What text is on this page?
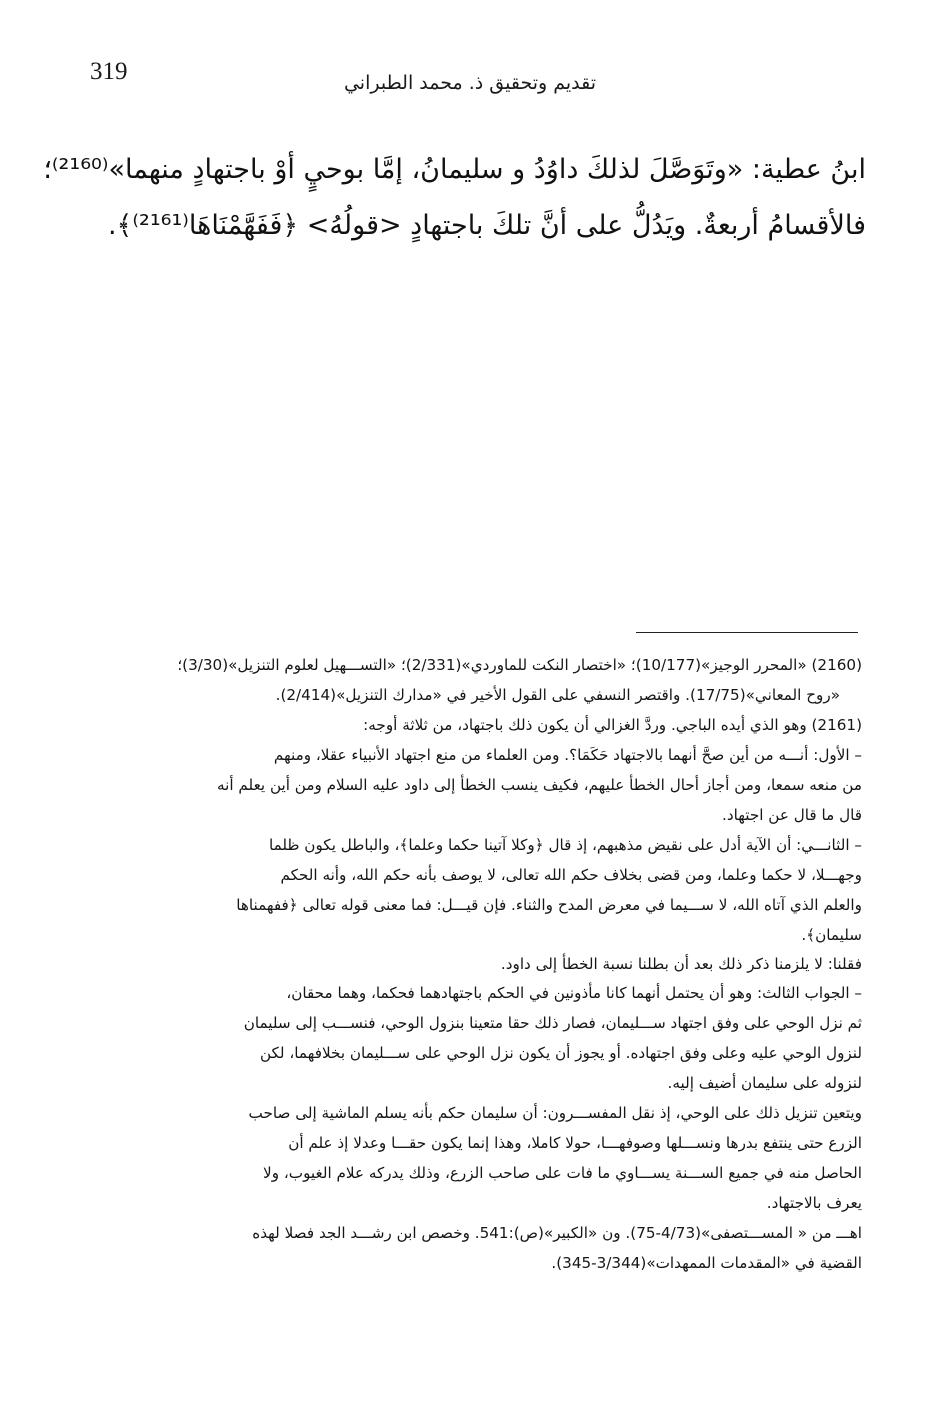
319	تقديم وتحقيق ذ. محمد الطبراني
ابنُ عطية: «وتَوَصَّلَ لذلكَ داوُدُ و سليمانُ، إمَّا بوحيٍ أوْ باجتهادٍ منهما»⁽²¹⁶⁰⁾؛
فالأقسامُ أربعةٌ. ويَدُلُّ على أنَّ تلكَ باجتهادٍ <قولُهُ> ﴿فَفَهَّمْنَاهَا⁽²¹⁶¹⁾﴾.
(2160) «المحرر الوجيز»(10/177)؛ «اختصار النكت للماوردي»(2/331)؛ «التســـهيل لعلوم التنزيل»(3/30)؛
«روح المعاني»(17/75). واقتصر النسفي على القول الأخير في «مدارك التنزيل»(2/414).
(2161) وهو الذي أيده الباجي. وردَّ الغزالي أن يكون ذلك باجتهاد، من ثلاثة أوجه:
– الأول: أنـــه من أين صحَّ أنهما بالاجتهاد حَكَمَا؟. ومن العلماء من منع اجتهاد الأنبياء عقلا، ومنهم
من منعه سمعا، ومن أجاز أحال الخطأ عليهم، فكيف ينسب الخطأ إلى داود عليه السلام ومن أين يعلم أنه
قال ما قال عن اجتهاد.
– الثانـــي: أن الآية أدل على نقيض مذهبهم، إذ قال ﴿وكلا آتينا حكما وعلما﴾، والباطل يكون ظلما
وجهـــلا، لا حكما وعلما، ومن قضى بخلاف حكم الله تعالى، لا يوصف بأنه حكم الله، وأنه الحكم
والعلم الذي آتاه الله، لا ســـيما في معرض المدح والثناء. فإن قيـــل: فما معنى قوله تعالى ﴿ففهمناها
سليمان﴾.
فقلنا: لا يلزمنا ذكر ذلك بعد أن بطلنا نسبة الخطأ إلى داود.
– الجواب الثالث: وهو أن يحتمل أنهما كانا مأذونين في الحكم باجتهادهما فحكما، وهما محقان،
ثم نزل الوحي على وفق اجتهاد ســـليمان، فصار ذلك حقا متعينا بنزول الوحي، فنســـب إلى سليمان
لنزول الوحي عليه وعلى وفق اجتهاده. أو يجوز أن يكون نزل الوحي على ســـليمان بخلافهما، لكن
لنزوله على سليمان أضيف إليه.
ويتعين تنزيل ذلك على الوحي، إذ نقل المفســـرون: أن سليمان حكم بأنه يسلم الماشية إلى صاحب
الزرع حتى ينتفع بدرها ونســـلها وصوفهـــا، حولا كاملا، وهذا إنما يكون حقـــا وعدلا إذ علم أن
الحاصل منه في جميع الســـنة يســـاوي ما فات على صاحب الزرع، وذلك يدركه علام الغيوب، ولا
يعرف بالاجتهاد.
اهـــ من « المســـتصفى»(4/73-75). ون «الكبير»(ص):541. وخصص ابن رشـــد الجد فصلا لهذه
القضية في «المقدمات الممهدات»(3/344-345).
